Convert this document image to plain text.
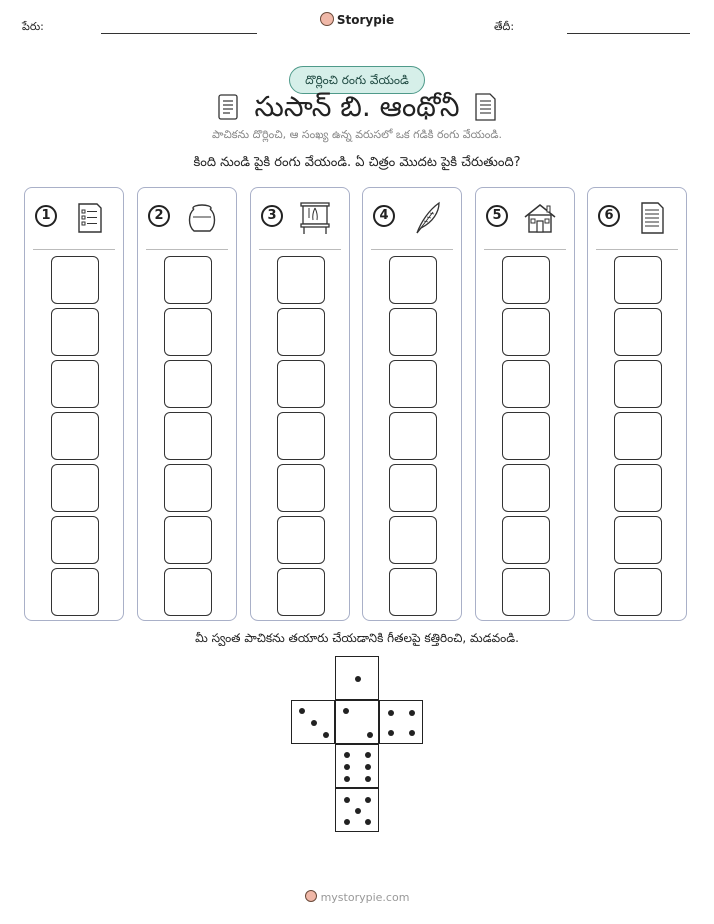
పేరు:	Storypie	తేదీ:
దొర్లించి రంగు వేయండి
సుసాన్ బి. ఆంథోనీ
పాచికను దొర్లించి, ఆ సంఖ్య ఉన్న వరుసలో ఒక గడికి రంగు వేయండి.
కింది నుండి పైకి రంగు వేయండి. ఏ చిత్రం మొదట పైకి చేరుతుంది?
1	2	3	4	5	6
మీ స్వంత పాచికను తయారు చేయడానికి గీతలపై కత్తిరించి, మడవండి.
mystorypie.com
